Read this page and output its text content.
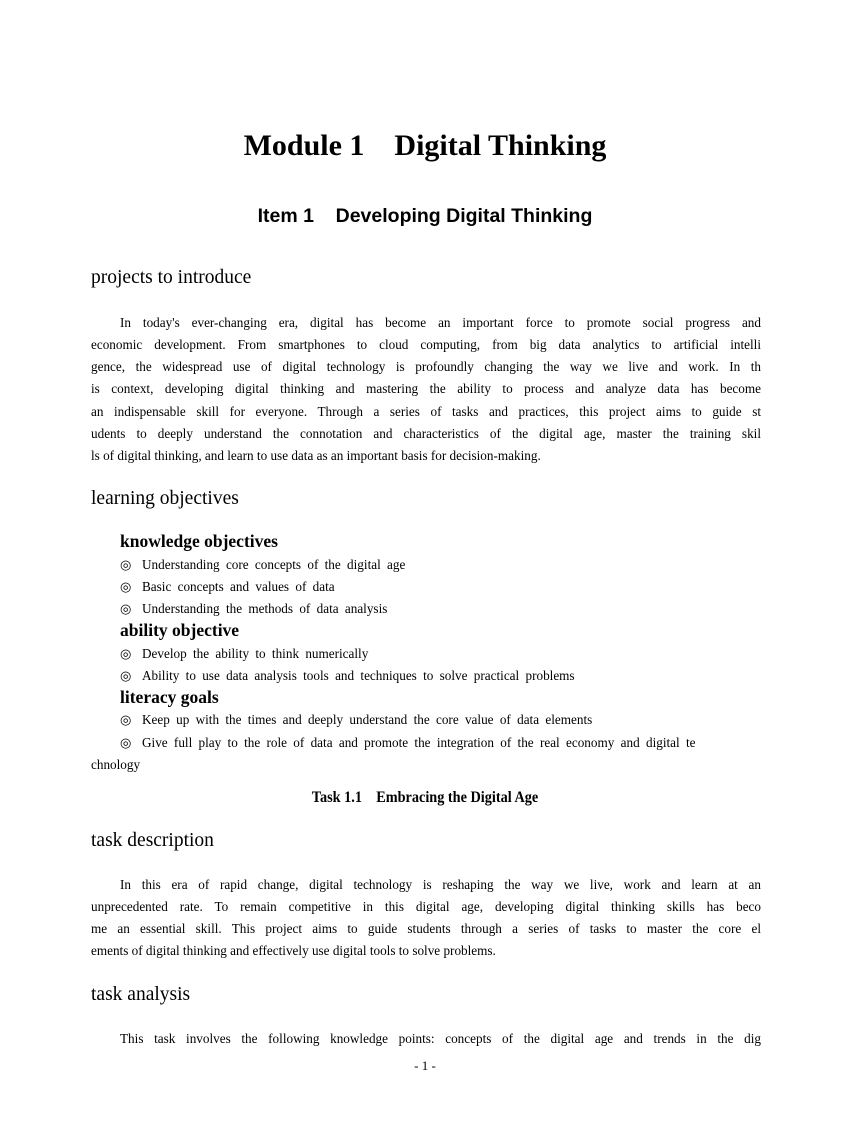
Module 1    Digital Thinking
Item 1    Developing Digital Thinking
projects to introduce
In today's ever-changing era, digital has become an important force to promote social progress and
economic development. From smartphones to cloud computing, from big data analytics to artificial intelli
gence, the widespread use of digital technology is profoundly changing the way we live and work. In th
is context, developing digital thinking and mastering the ability to process and analyze data has become
an indispensable skill for everyone. Through a series of tasks and practices, this project aims to guide st
udents to deeply understand the connotation and characteristics of the digital age, master the training skil
ls of digital thinking, and learn to use data as an important basis for decision-making.
learning objectives
knowledge objectives
◎ Understanding core concepts of the digital age
◎ Basic concepts and values of data
◎ Understanding the methods of data analysis
ability objective
◎ Develop the ability to think numerically
◎ Ability to use data analysis tools and techniques to solve practical problems
literacy goals
◎ Keep up with the times and deeply understand the core value of data elements
◎ Give full play to the role of data and promote the integration of the real economy and digital te
chnology
Task 1.1    Embracing the Digital Age
task description
In this era of rapid change, digital technology is reshaping the way we live, work and learn at an
unprecedented rate. To remain competitive in this digital age, developing digital thinking skills has beco
me an essential skill. This project aims to guide students through a series of tasks to master the core el
ements of digital thinking and effectively use digital tools to solve problems.
task analysis
This task involves the following knowledge points: concepts of the digital age and trends in the dig
- 1 -
